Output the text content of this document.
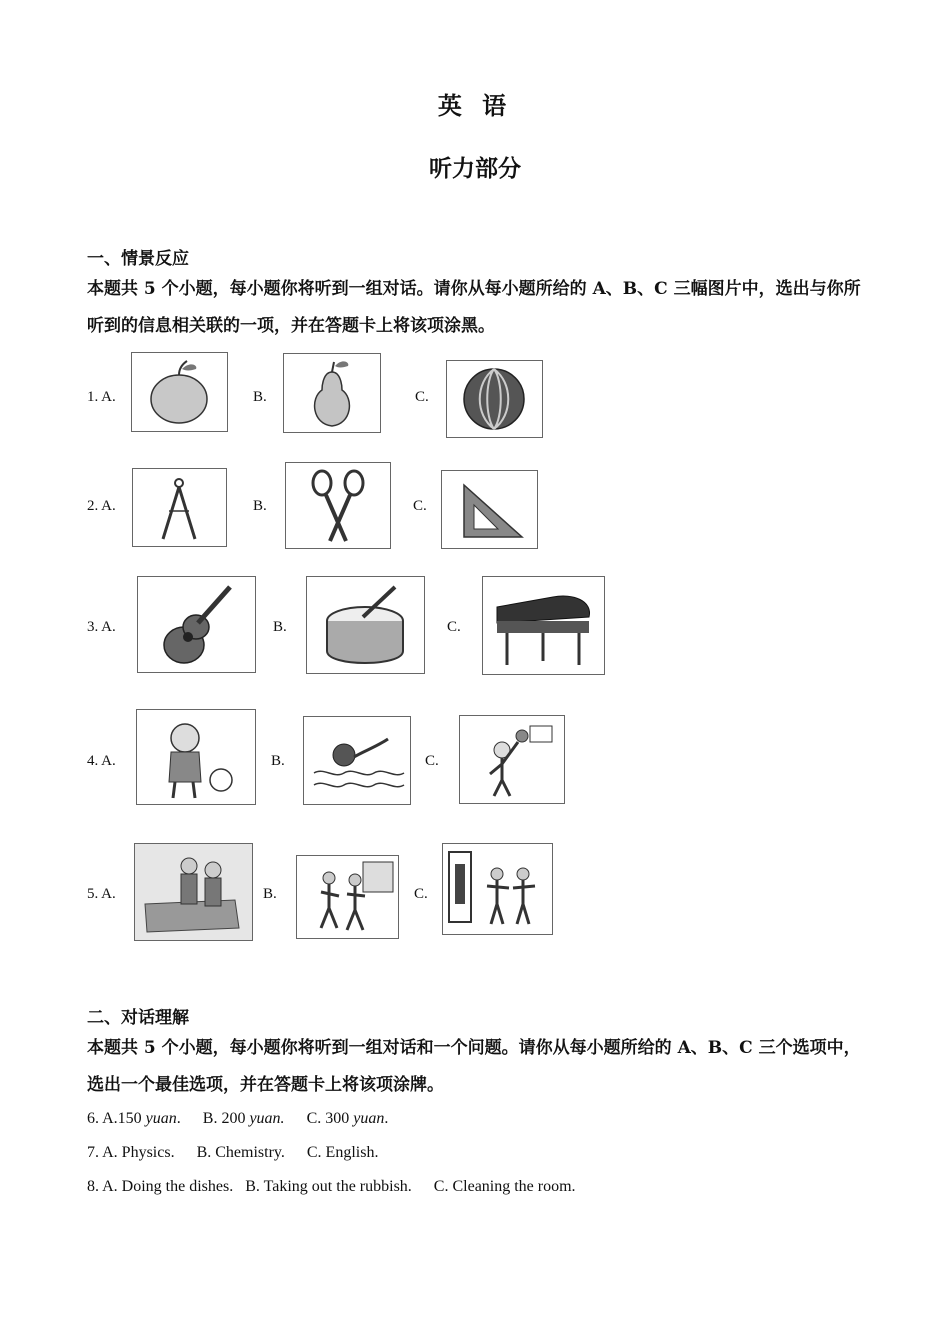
英 语
听力部分
一、情景反应
本题共 5 个小题，每小题你将听到一组对话。请你从每小题所给的 A、B、C 三幅图片中，选出与你所听到的信息相关联的一项，并在答题卡上将该项涂黑。
1. A.	B.	C.
2. A.	B.	C.
3. A.	B.	C.
4. A.	B.	C.
5. A.	B.	C.
二、对话理解
本题共 5 个小题，每小题你将听到一组对话和一个问题。请你从每小题所给的 A、B、C 三个选项中，选出一个最佳选项，并在答题卡上将该项涂牌。
6. A.150 yuan. B. 200 yuan. C. 300 yuan.
7. A. Physics. B. Chemistry. C. English.
8. A. Doing the dishes. B. Taking out the rubbish. C. Cleaning the room.
